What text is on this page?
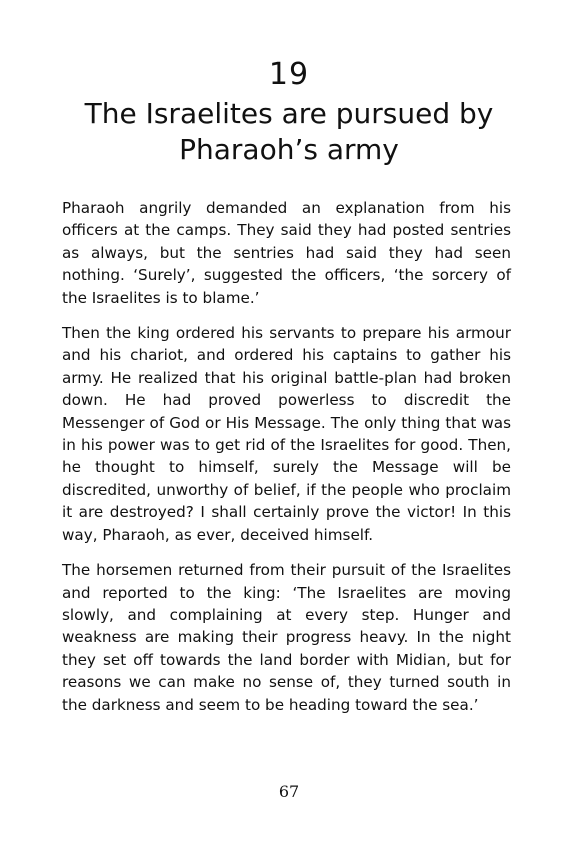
19
The Israelites are pursued by Pharaoh’s army

Pharaoh angrily demanded an explanation from his officers at the camps. They said they had posted sentries as always, but the sentries had said they had seen nothing. ‘Surely’, suggested the officers, ‘the sorcery of the Israelites is to blame.’

Then the king ordered his servants to prepare his armour and his chariot, and ordered his captains to gather his army. He realized that his original battle-plan had broken down. He had proved powerless to discredit the Messenger of God or His Message. The only thing that was in his power was to get rid of the Israelites for good. Then, he thought to himself, surely the Message will be discredited, unworthy of belief, if the people who proclaim it are destroyed? I shall certainly prove the victor! In this way, Pharaoh, as ever, deceived himself.

The horsemen returned from their pursuit of the Israelites and reported to the king: ‘The Israelites are moving slowly, and complaining at every step. Hunger and weakness are making their progress heavy. In the night they set off towards the land border with Midian, but for reasons we can make no sense of, they turned south in the darkness and seem to be heading toward the sea.’

67
